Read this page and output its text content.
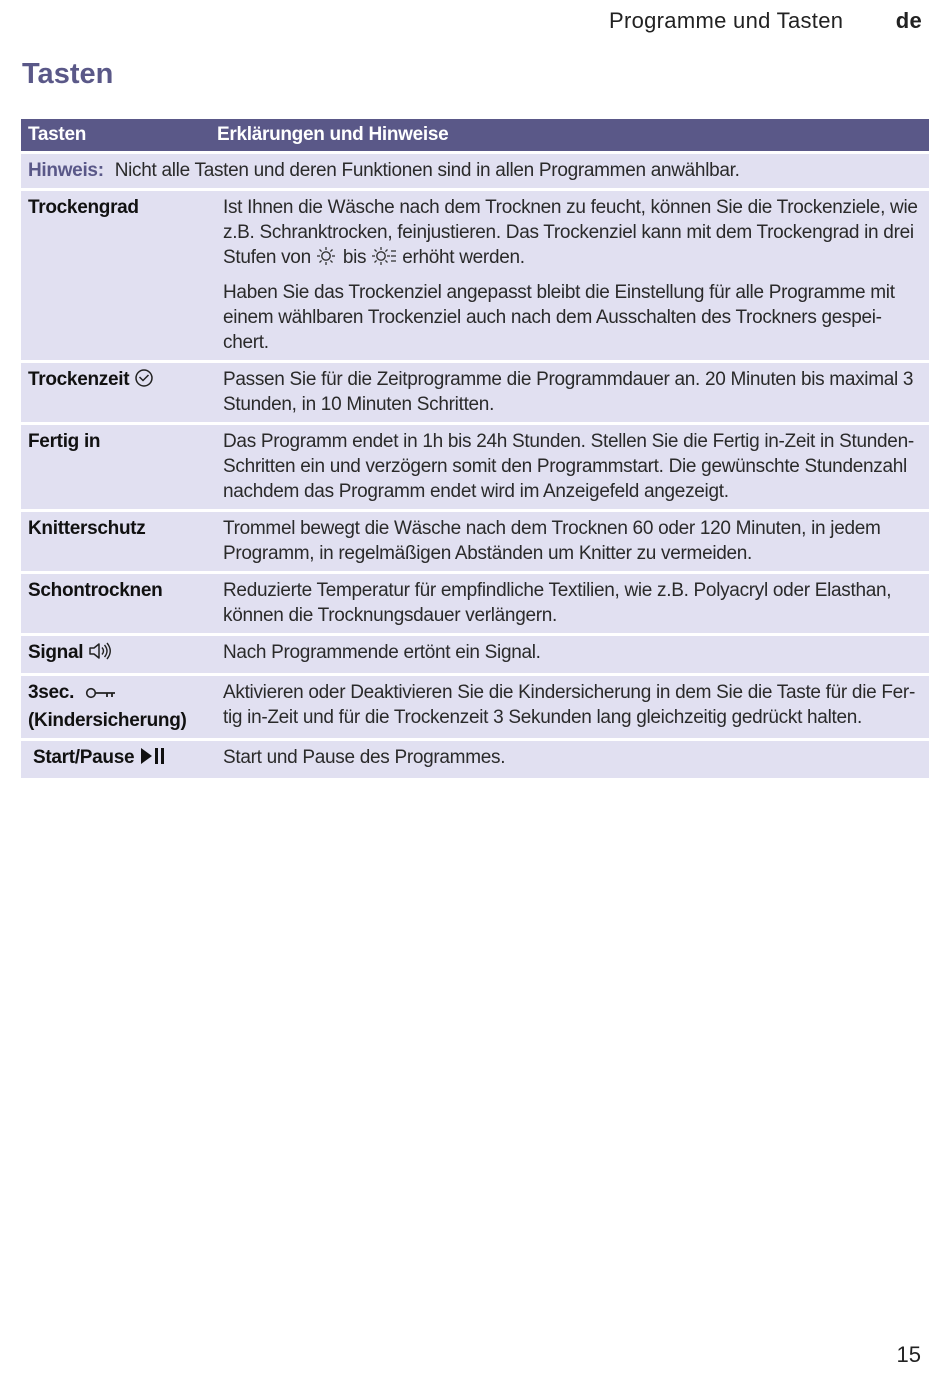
Programme und Tasten de
Tasten
Tasten	Erklärungen und Hinweise
Hinweis: Nicht alle Tasten und deren Funktionen sind in allen Programmen anwählbar.	
Trockengrad	Ist Ihnen die Wäsche nach dem Trocknen zu feucht, können Sie die Trockenziele, wie z.B. Schranktrocken, feinjustieren. Das Trockenziel kann mit dem Trockengrad in drei Stufen von bis erhöht werden.

Haben Sie das Trockenziel angepasst bleibt die Einstellung für alle Programme mit einem wählbaren Trockenziel auch nach dem Ausschalten des Trockners gespei-chert.

Trockenzeit	Passen Sie für die Zeitprogramme die Programmdauer an. 20 Minuten bis maximal 3 Stunden, in 10 Minuten Schritten.
Fertig in	Das Programm endet in 1h bis 24h Stunden. Stellen Sie die Fertig in-Zeit in Stunden-Schritten ein und verzögern somit den Programmstart. Die gewünschte Stundenzahl nachdem das Programm endet wird im Anzeigefeld angezeigt.
Knitterschutz	Trommel bewegt die Wäsche nach dem Trocknen 60 oder 120 Minuten, in jedem Programm, in regelmäßigen Abständen um Knitter zu vermeiden.
Schontrocknen	Reduzierte Temperatur für empfindliche Textilien, wie z.B. Polyacryl oder Elasthan, können die Trocknungsdauer verlängern.
Signal	Nach Programmende ertönt ein Signal.
3sec.
(Kindersicherung)	Aktivieren oder Deaktivieren Sie die Kindersicherung in dem Sie die Taste für die Fer-tig in-Zeit und für die Trockenzeit 3 Sekunden lang gleichzeitig gedrückt halten.
Start/Pause	Start und Pause des Programmes.
15
